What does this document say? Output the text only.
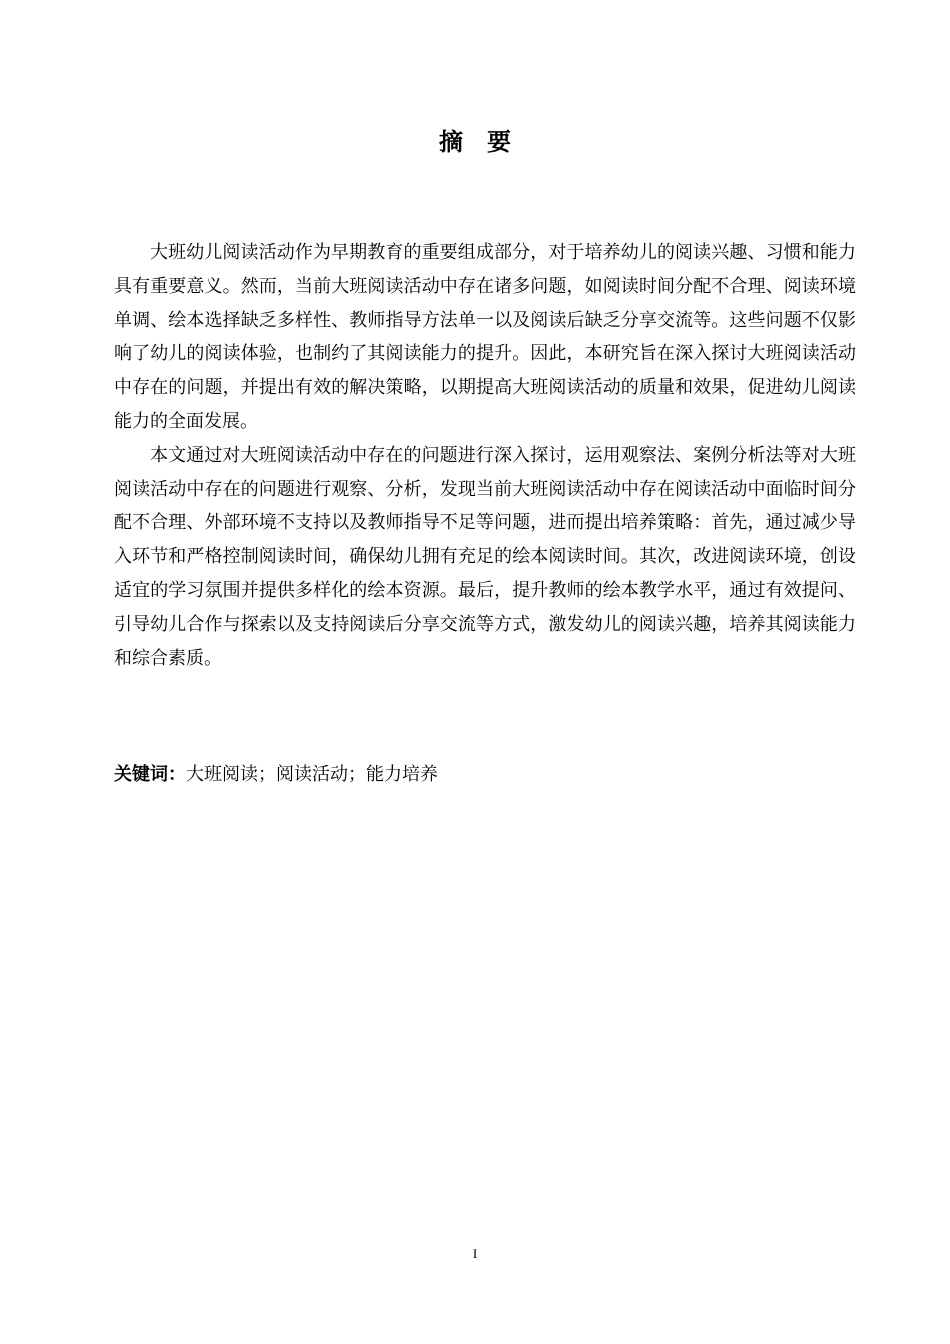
摘要

大班幼儿阅读活动作为早期教育的重要组成部分，对于培养幼儿的阅读兴趣、习惯和能力具有重要意义。然而，当前大班阅读活动中存在诸多问题，如阅读时间分配不合理、阅读环境单调、绘本选择缺乏多样性、教师指导方法单一以及阅读后缺乏分享交流等。这些问题不仅影响了幼儿的阅读体验，也制约了其阅读能力的提升。因此，本研究旨在深入探讨大班阅读活动中存在的问题，并提出有效的解决策略，以期提高大班阅读活动的质量和效果，促进幼儿阅读能力的全面发展。

本文通过对大班阅读活动中存在的问题进行深入探讨，运用观察法、案例分析法等对大班阅读活动中存在的问题进行观察、分析，发现当前大班阅读活动中存在阅读活动中面临时间分配不合理、外部环境不支持以及教师指导不足等问题，进而提出培养策略：首先，通过减少导入环节和严格控制阅读时间，确保幼儿拥有充足的绘本阅读时间。其次，改进阅读环境，创设适宜的学习氛围并提供多样化的绘本资源。最后，提升教师的绘本教学水平，通过有效提问、引导幼儿合作与探索以及支持阅读后分享交流等方式，激发幼儿的阅读兴趣，培养其阅读能力和综合素质。

关键词：大班阅读；阅读活动；能力培养
I
